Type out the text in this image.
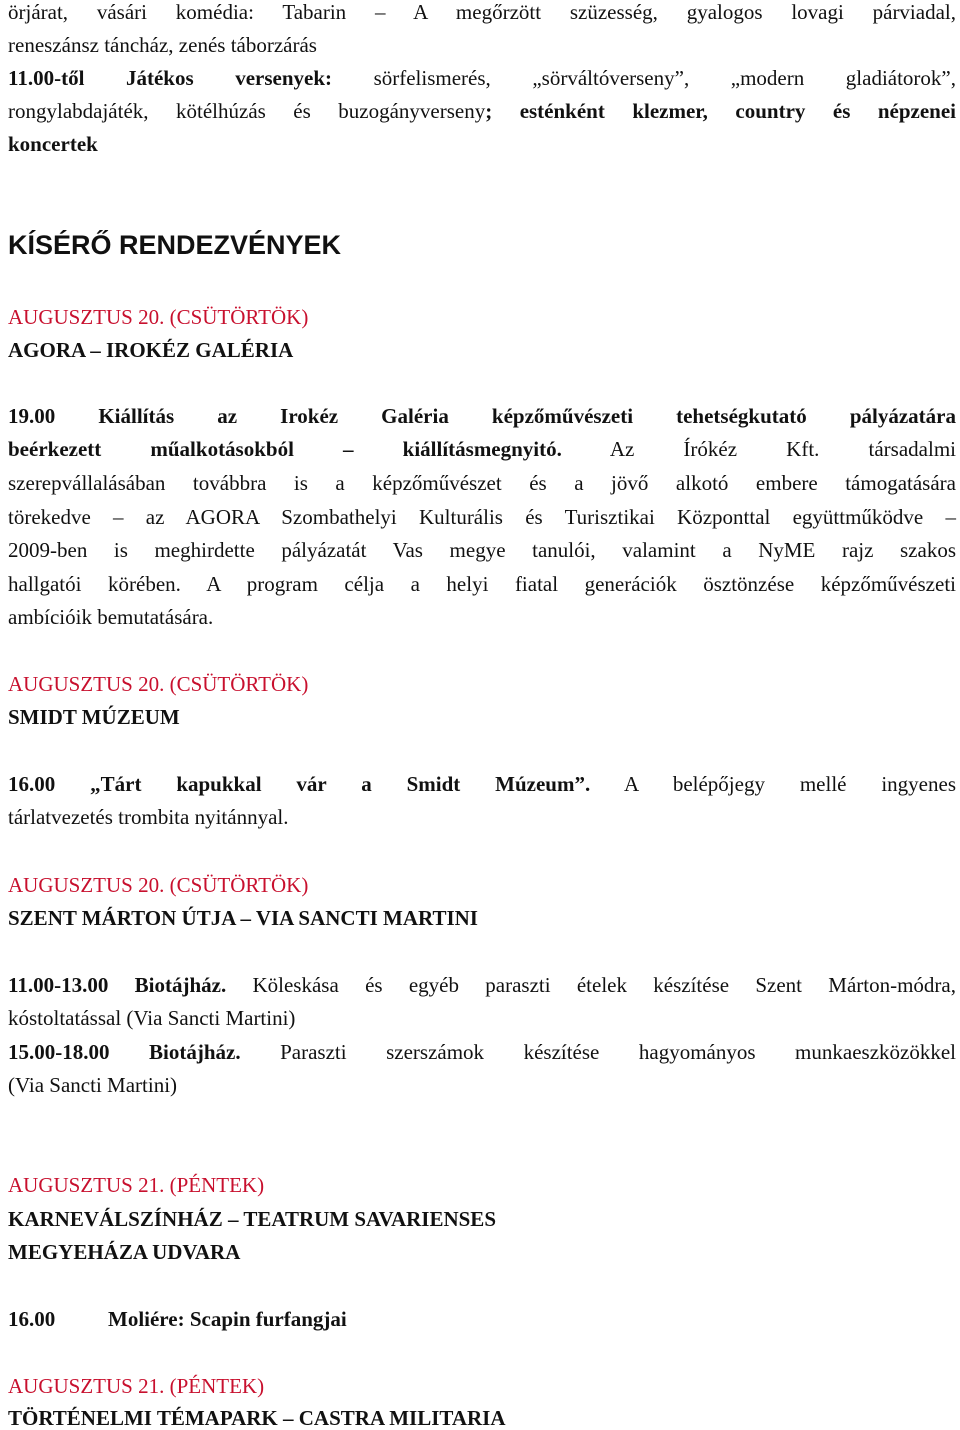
örjárat, vásári komédia: Tabarin – A megőrzött szüzesség, gyalogos lovagi párviadal,
reneszánsz táncház, zenés táborzárás
11.00-től Játékos versenyek: sörfelismerés, „sörváltóverseny”, „modern gladiátorok”,
rongylabdajáték, kötélhúzás és buzogányverseny; esténként klezmer, country és népzenei
koncertek
KÍSÉRŐ RENDEZVÉNYEK
AUGUSZTUS 20. (CSÜTÖRTÖK)
AGORA – IROKÉZ GALÉRIA
19.00 Kiállítás az Irokéz Galéria képzőművészeti tehetségkutató pályázatára
beérkezett műalkotásokból – kiállításmegnyitó. Az Írókéz Kft. társadalmi
szerepvállalásában továbbra is a képzőművészet és a jövő alkotó embere támogatására
törekedve – az AGORA Szombathelyi Kulturális és Turisztikai Központtal együttműködve –
2009-ben is meghirdette pályázatát Vas megye tanulói, valamint a NyME rajz szakos
hallgatói körében. A program célja a helyi fiatal generációk ösztönzése képzőművészeti
ambícióik bemutatására.
AUGUSZTUS 20. (CSÜTÖRTÖK)
SMIDT MÚZEUM
16.00 „Tárt kapukkal vár a Smidt Múzeum”. A belépőjegy mellé ingyenes
tárlatvezetés trombita nyitánnyal.
AUGUSZTUS 20. (CSÜTÖRTÖK)
SZENT MÁRTON ÚTJA – VIA SANCTI MARTINI
11.00-13.00 Biotájház. Köleskása és egyéb paraszti ételek készítése Szent Márton-módra,
kóstoltatással (Via Sancti Martini)
15.00-18.00 Biotájház. Paraszti szerszámok készítése hagyományos munkaeszközökkel
(Via Sancti Martini)
AUGUSZTUS 21. (PÉNTEK)
KARNEVÁLSZÍNHÁZ – TEATRUM SAVARIENSES
MEGYEHÁZA UDVARA
16.00	Moliére: Scapin furfangjai
AUGUSZTUS 21. (PÉNTEK)
TÖRTÉNELMI TÉMAPARK – CASTRA MILITARIA
